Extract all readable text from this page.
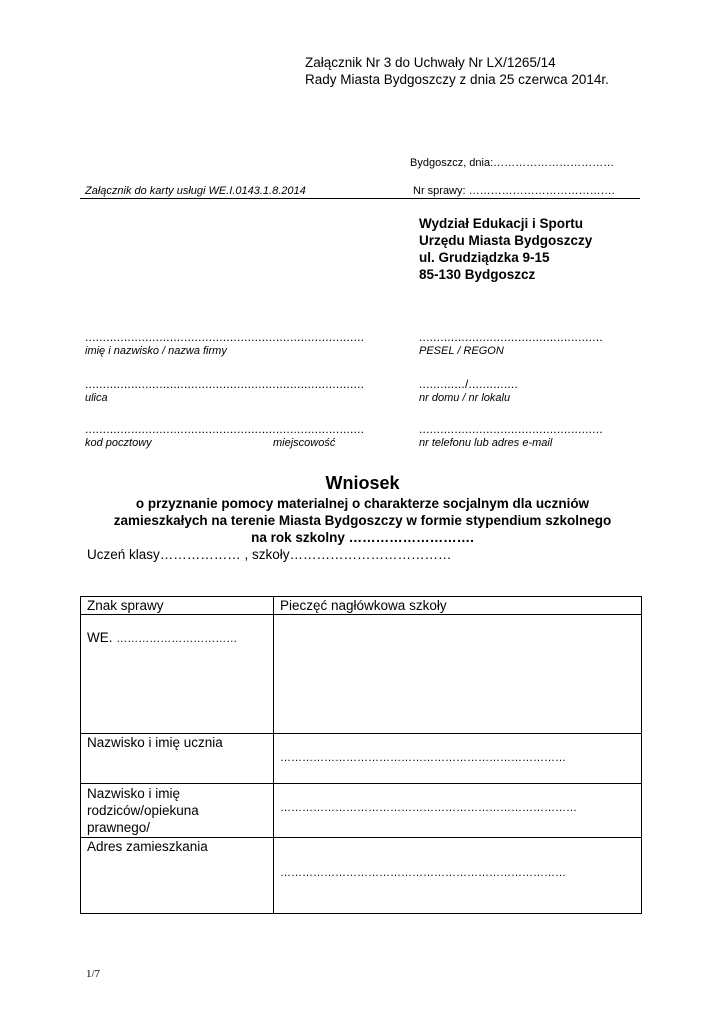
Załącznik Nr 3 do Uchwały Nr LX/1265/14
Rady Miasta Bydgoszczy z dnia 25 czerwca 2014r.
Bydgoszcz, dnia:……………………………
Załącznik do karty usługi WE.I.0143.1.8.2014	Nr sprawy: ………………………………….
Wydział Edukacji i Sportu
Urzędu Miasta Bydgoszczy
ul. Grudziądzka 9-15
85-130 Bydgoszcz
...............................................................................
imię i nazwisko / nazwa firmy
....................................................
PESEL / REGON
...............................................................................
ulica
............./..............
nr domu / nr lokalu
...............................................................................
kod pocztowy	miejscowość
....................................................
nr telefonu lub adres e-mail
Wniosek
o przyznanie pomocy materialnej o charakterze socjalnym dla uczniów
zamieszkałych na terenie Miasta Bydgoszczy w formie stypendium szkolnego
na rok szkolny ……………………….
Uczeń klasy……………… , szkoły………………………………
Znak sprawy	Pieczęć nagłówkowa szkoły

WE. ……………………………	

Nazwisko i imię ucznia	……………………………………………………………………

Nazwisko i imię
rodziców/opiekuna
prawnego/	………………………………………………………………………

Adres zamieszkania	……………………………………………………………………
1/7
